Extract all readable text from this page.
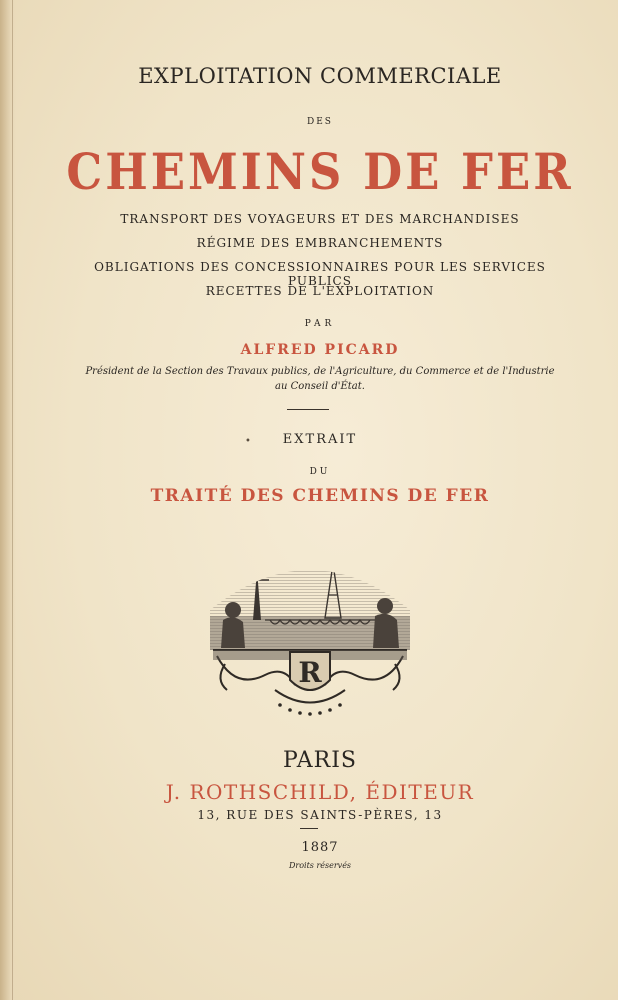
EXPLOITATION COMMERCIALE
DES
CHEMINS DE FER
TRANSPORT DES VOYAGEURS ET DES MARCHANDISES
RÉGIME DES EMBRANCHEMENTS
OBLIGATIONS DES CONCESSIONNAIRES POUR LES SERVICES PUBLICS
RECETTES DE L'EXPLOITATION
PAR
ALFRED PICARD
Président de la Section des Travaux publics, de l'Agriculture, du Commerce et de l'Industrie
au Conseil d'État.
•	EXTRAIT
DU
TRAITÉ DES CHEMINS DE FER
R
PARIS
J. ROTHSCHILD, ÉDITEUR
13, RUE DES SAINTS-PÈRES, 13
1887
Droits réservés
